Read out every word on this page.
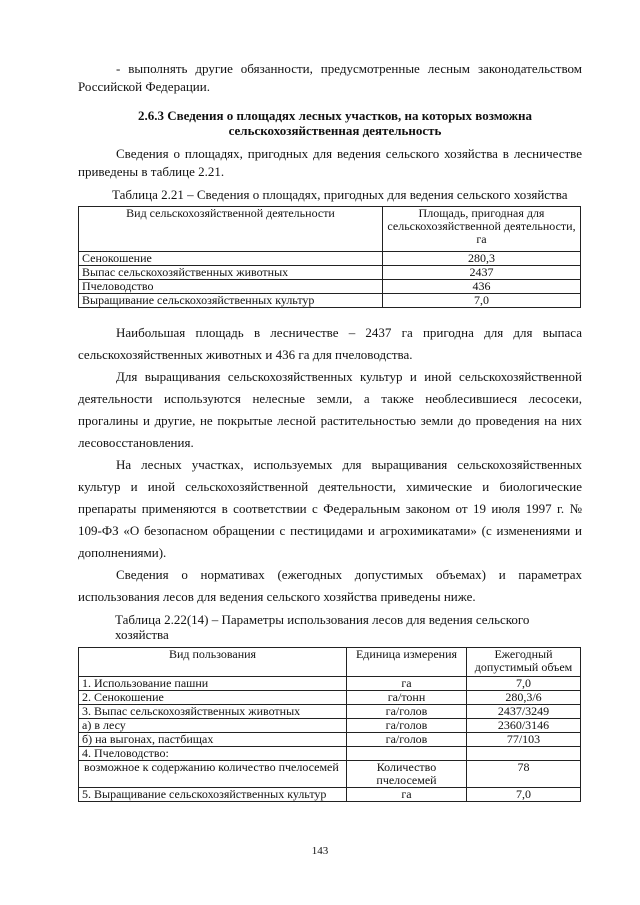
- выполнять другие обязанности, предусмотренные лесным законодательством Российской Федерации.

2.6.3 Сведения о площадях лесных участков, на которых возможна сельскохозяйственная деятельность

Сведения о площадях, пригодных для ведения сельского хозяйства в лесничестве приведены в таблице 2.21.

Таблица 2.21 – Сведения о площадях, пригодных для ведения сельского хозяйства

Вид сельскохозяйственной деятельности	Площадь, пригодная для сельскохозяйственной деятельности, га
Сенокошение	280,3
Выпас сельскохозяйственных животных	2437
Пчеловодство	436
Выращивание сельскохозяйственных культур	7,0

Наибольшая площадь в лесничестве – 2437 га пригодна для для выпаса сельскохозяйственных животных и 436 га для пчеловодства.

Для выращивания сельскохозяйственных культур и иной сельскохозяйственной деятельности используются нелесные земли, а также необлесившиеся лесосеки, прогалины и другие, не покрытые лесной растительностью земли до проведения на них лесовосстановления.

На лесных участках, используемых для выращивания сельскохозяйственных культур и иной сельскохозяйственной деятельности, химические и биологические препараты применяются в соответствии с Федеральным законом от 19 июля 1997 г. № 109-ФЗ «О безопасном обращении с пестицидами и агрохимикатами» (с изменениями и дополнениями).

Сведения о нормативах (ежегодных допустимых объемах) и параметрах использования лесов для ведения сельского хозяйства приведены ниже.

Таблица 2.22(14) – Параметры использования лесов для ведения сельского хозяйства

Вид пользования	Единица измерения	Ежегодный допустимый объем
1. Использование пашни	га	7,0
2. Сенокошение	га/тонн	280,3/6
3. Выпас сельскохозяйственных животных	га/голов	2437/3249
а) в лесу	га/голов	2360/3146
б) на выгонах, пастбищах	га/голов	77/103
4. Пчеловодство:		
возможное к содержанию количество пчелосемей	Количество пчелосемей	78
5. Выращивание сельскохозяйственных культур	га	7,0
143
